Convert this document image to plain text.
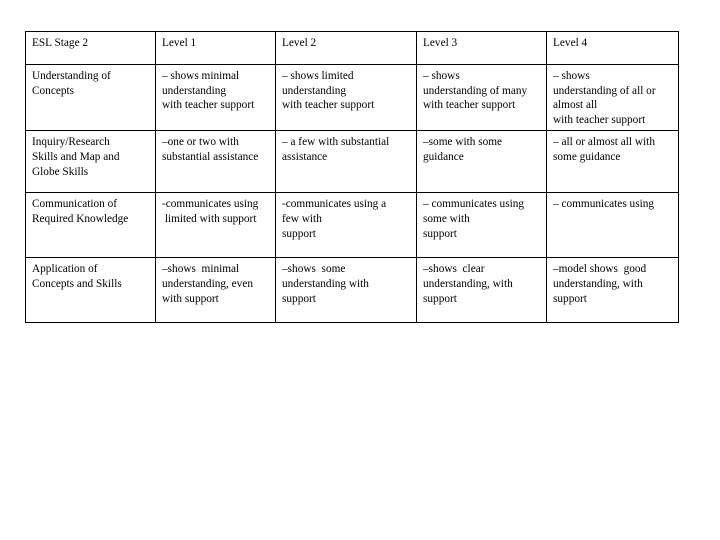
ESL Stage 2	Level 1	Level 2	Level 3	Level 4

Understanding of
Concepts	– shows minimal
understanding
with teacher support	– shows limited
understanding
with teacher support	– shows
understanding of many
with teacher support	– shows
understanding of all or
almost all
with teacher support

Inquiry/Research
Skills and Map and
Globe Skills	–one or two with
substantial assistance	– a few with substantial
assistance	–some with some
guidance	– all or almost all with
some guidance

Communication of
Required Knowledge	-communicates using
limited with support	-communicates using a
few with
support	– communicates using
some with
support	– communicates using

Application of
Concepts and Skills	–shows  minimal
understanding, even
with support	–shows  some
understanding with
support	–shows  clear
understanding, with
support	–model shows  good
understanding, with
support
